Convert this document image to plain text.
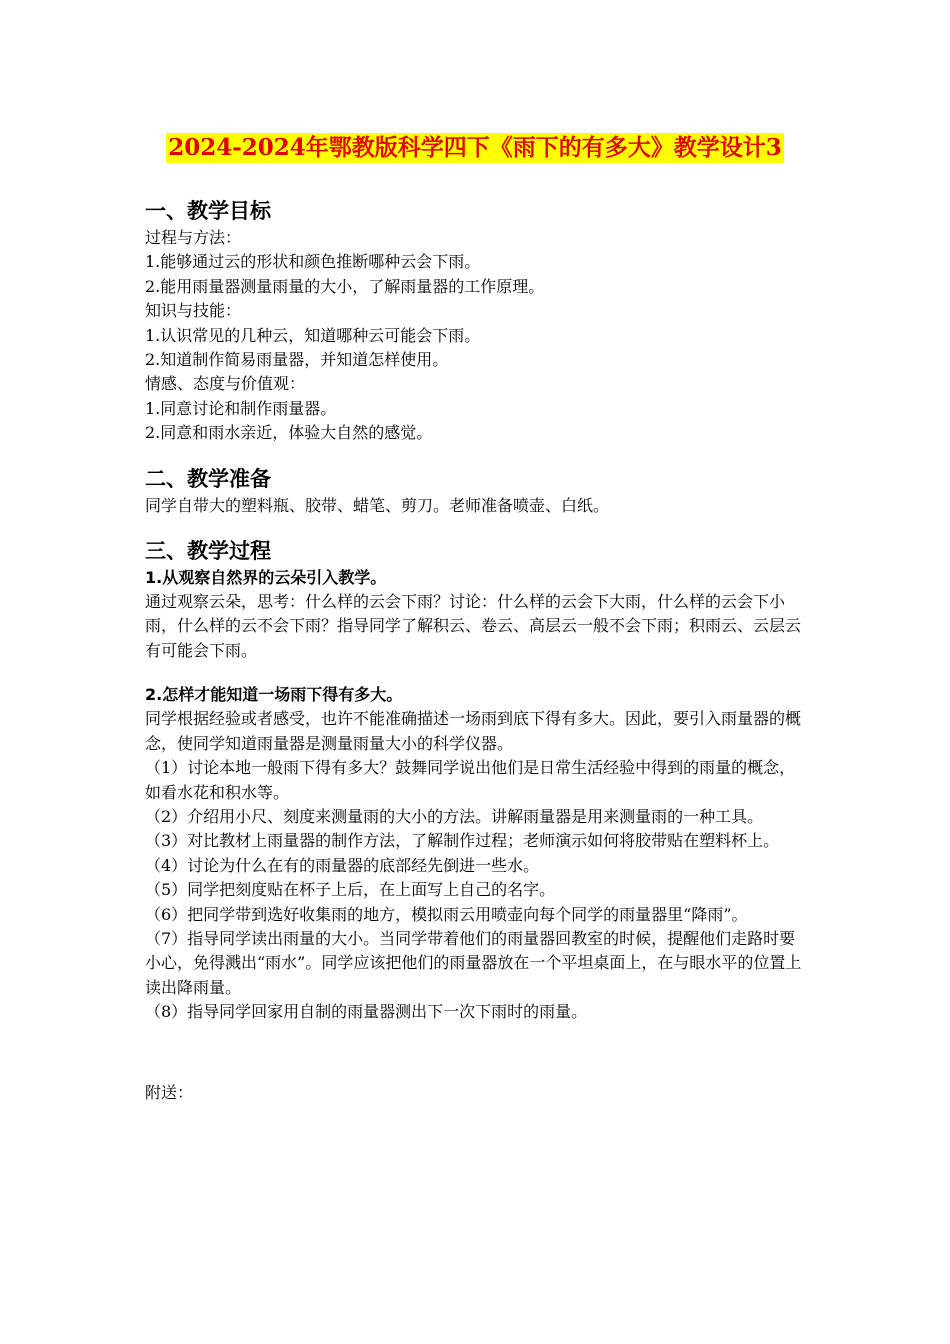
2024-2024年鄂教版科学四下《雨下的有多大》教学设计3
一、教学目标
过程与方法：
1.能够通过云的形状和颜色推断哪种云会下雨。
2.能用雨量器测量雨量的大小，了解雨量器的工作原理。
知识与技能：
1.认识常见的几种云，知道哪种云可能会下雨。
2.知道制作简易雨量器，并知道怎样使用。
情感、态度与价值观：
1.同意讨论和制作雨量器。
2.同意和雨水亲近，体验大自然的感觉。
二、教学准备
同学自带大的塑料瓶、胶带、蜡笔、剪刀。老师准备喷壶、白纸。
三、教学过程
1.从观察自然界的云朵引入教学。
通过观察云朵，思考：什么样的云会下雨？讨论：什么样的云会下大雨，什么样的云会下小雨，什么样的云不会下雨？指导同学了解积云、卷云、高层云一般不会下雨；积雨云、云层云有可能会下雨。
2.怎样才能知道一场雨下得有多大。
同学根据经验或者感受，也许不能准确描述一场雨到底下得有多大。因此，要引入雨量器的概念，使同学知道雨量器是测量雨量大小的科学仪器。
（1）讨论本地一般雨下得有多大？鼓舞同学说出他们是日常生活经验中得到的雨量的概念，如看水花和积水等。
（2）介绍用小尺、刻度来测量雨的大小的方法。讲解雨量器是用来测量雨的一种工具。
（3）对比教材上雨量器的制作方法，了解制作过程；老师演示如何将胶带贴在塑料杯上。
（4）讨论为什么在有的雨量器的底部经先倒进一些水。
（5）同学把刻度贴在杯子上后，在上面写上自己的名字。
（6）把同学带到选好收集雨的地方，模拟雨云用喷壶向每个同学的雨量器里“降雨”。
（7）指导同学读出雨量的大小。当同学带着他们的雨量器回教室的时候，提醒他们走路时要小心，免得溅出“雨水”。同学应该把他们的雨量器放在一个平坦桌面上，在与眼水平的位置上读出降雨量。
（8）指导同学回家用自制的雨量器测出下一次下雨时的雨量。
附送：
